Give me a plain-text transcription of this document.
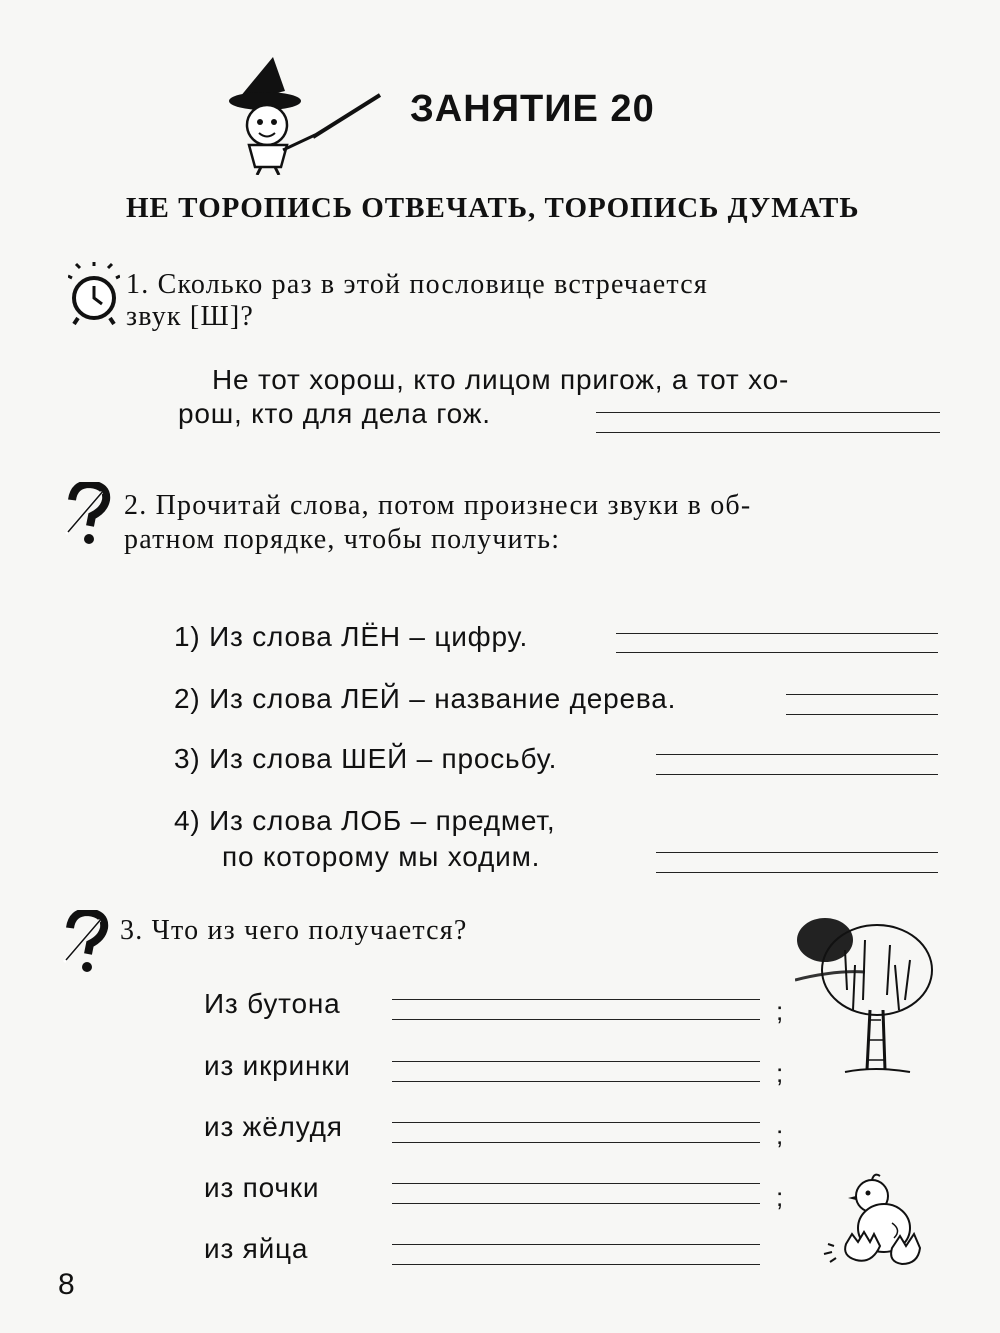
ЗАНЯТИЕ 20
НЕ ТОРОПИСЬ ОТВЕЧАТЬ, ТОРОПИСЬ ДУМАТЬ
1. Сколько раз в этой пословице встречается
звук [Ш]?
Не тот хорош, кто лицом пригож, а тот хо-
рош, кто для дела гож.
2. Прочитай слова, потом произнеси звуки в об-
ратном порядке, чтобы получить:
1) Из слова ЛЁН – цифру.
2) Из слова ЛЕЙ – название дерева.
3) Из слова ШЕЙ – просьбу.
4) Из слова ЛОБ – предмет,
по которому мы ходим.
3. Что из чего получается?
Из бутона	;
из икринки	;
из жёлудя	;
из почки	;
из яйца
8
